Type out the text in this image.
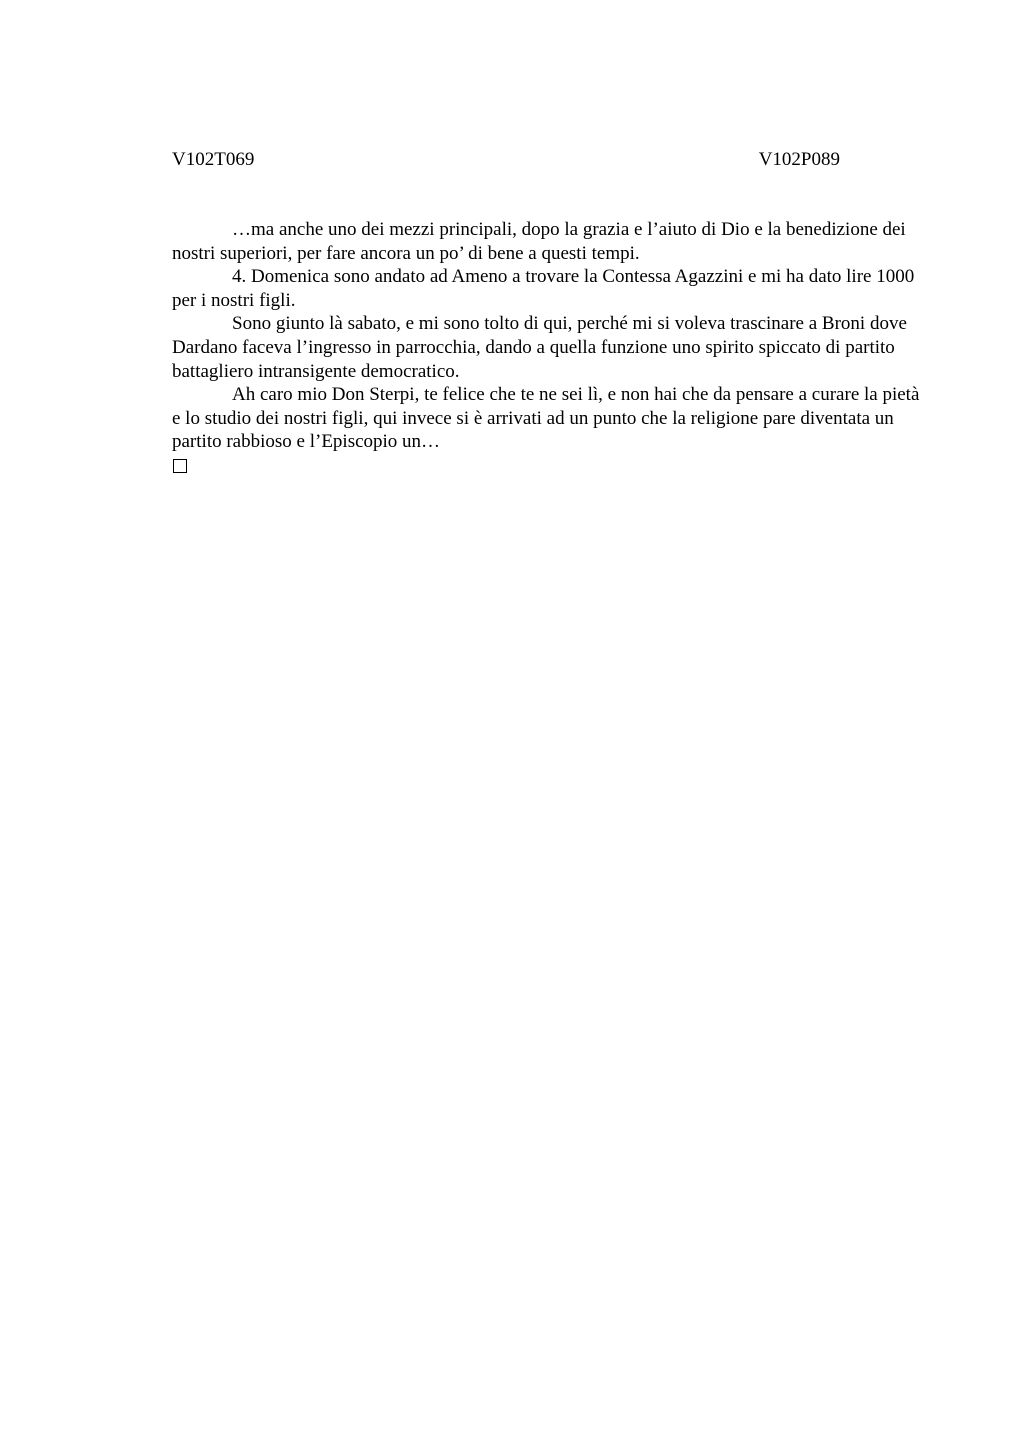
V102T069	V102P089

…ma anche uno dei mezzi principali, dopo la grazia e l’aiuto di Dio e la benedizione dei nostri superiori, per fare ancora un po’ di bene a questi tempi.

4. Domenica sono andato ad Ameno a trovare la Contessa Agazzini e mi ha dato lire 1000 per i nostri figli.

Sono giunto là sabato, e mi sono tolto di qui, perché mi si voleva trascinare a Broni dove Dardano faceva l’ingresso in parrocchia, dando a quella funzione uno spirito spiccato di partito battagliero intransigente democratico.

Ah caro mio Don Sterpi, te felice che te ne sei lì, e non hai che da pensare a curare la pietà e lo studio dei nostri figli, qui invece si è arrivati ad un punto che la religione pare diventata un partito rabbioso e l’Episcopio un…
